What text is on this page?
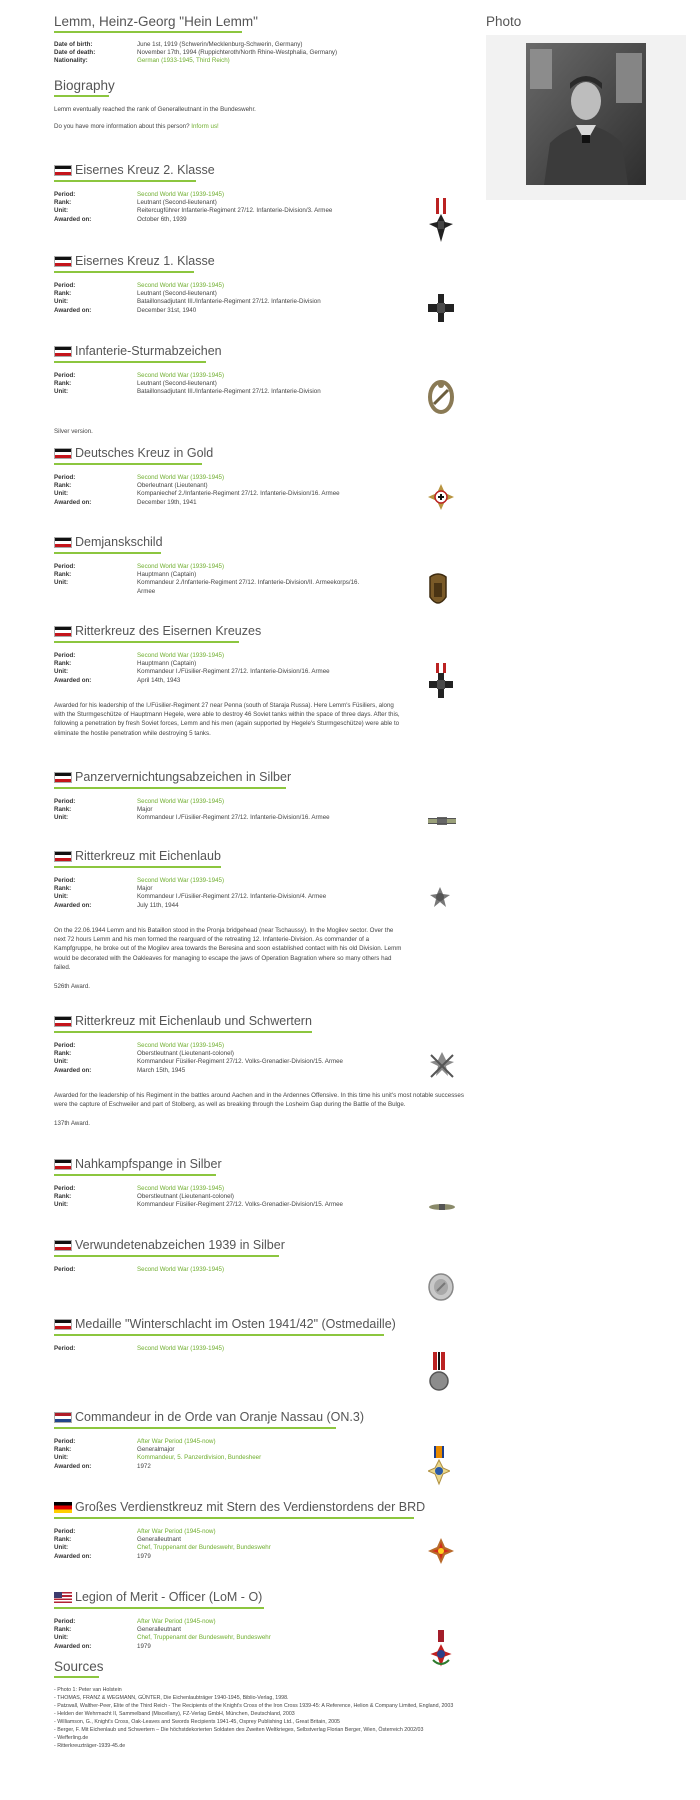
Lemm, Heinz-Georg "Hein Lemm"
Date of birth:	June 1st, 1919 (Schwerin/Mecklenburg-Schwerin, Germany)
Date of death:	November 17th, 1994 (Ruppichteroth/North Rhine-Westphalia, Germany)
Nationality:	German (1933-1945, Third Reich)
Biography

Lemm eventually reached the rank of Generalleutnant in the Bundeswehr.

Do you have more information about this person? Inform us!

Eisernes Kreuz 2. Klasse
Period:	Second World War (1939-1945)
Rank:	Leutnant (Second-lieutenant)
Unit:	Reitercugführer Infanterie-Regiment 27/12. Infanterie-Division/3. Armee
Awarded on:	October 6th, 1939
Eisernes Kreuz 1. Klasse
Period:	Second World War (1939-1945)
Rank:	Leutnant (Second-lieutenant)
Unit:	Bataillonsadjutant III./Infanterie-Regiment 27/12. Infanterie-Division
Awarded on:	December 31st, 1940
Infanterie-Sturmabzeichen
Period:	Second World War (1939-1945)
Rank:	Leutnant (Second-lieutenant)
Unit:	Bataillonsadjutant III./Infanterie-Regiment 27/12. Infanterie-Division

Silver version.

Deutsches Kreuz in Gold
Period:	Second World War (1939-1945)
Rank:	Oberleutnant (Lieutenant)
Unit:	Kompaniechef 2./Infanterie-Regiment 27/12. Infanterie-Division/16. Armee
Awarded on:	December 19th, 1941
Demjanskschild
Period:	Second World War (1939-1945)
Rank:	Hauptmann (Captain)
Unit:	Kommandeur 2./Infanterie-Regiment 27/12. Infanterie-Division/II. Armeekorps/16. Armee
Ritterkreuz des Eisernen Kreuzes
Period:	Second World War (1939-1945)
Rank:	Hauptmann (Captain)
Unit:	Kommandeur I./Füsilier-Regiment 27/12. Infanterie-Division/16. Armee
Awarded on:	April 14th, 1943

Awarded for his leadership of the I./Füsilier-Regiment 27 near Penna (south of Staraja Russa). Here Lemm's Füsiliers, along with the Sturmgeschütze of Hauptmann Hegele, were able to destroy 46 Soviet tanks within the space of three days. After this, following a penetration by fresh Soviet forces, Lemm and his men (again supported by Hegele's Sturmgeschütze) were able to eliminate the hostile penetration while destroying 5 tanks.

Panzervernichtungsabzeichen in Silber
Period:	Second World War (1939-1945)
Rank:	Major
Unit:	Kommandeur I./Füsilier-Regiment 27/12. Infanterie-Division/16. Armee
Ritterkreuz mit Eichenlaub
Period:	Second World War (1939-1945)
Rank:	Major
Unit:	Kommandeur I./Füsilier-Regiment 27/12. Infanterie-Division/4. Armee
Awarded on:	July 11th, 1944

On the 22.06.1944 Lemm and his Bataillon stood in the Pronja bridgehead (near Tschaussy). In the Mogilev sector. Over the next 72 hours Lemm and his men formed the rearguard of the retreating 12. Infanterie-Division. As commander of a Kampfgruppe, he broke out of the Mogilev area towards the Beresina and soon established contact with his old Division. Lemm would be decorated with the Oakleaves for managing to escape the jaws of Operation Bagration where so many others had failed.

526th Award.

Ritterkreuz mit Eichenlaub und Schwertern
Period:	Second World War (1939-1945)
Rank:	Oberstleutnant (Lieutenant-colonel)
Unit:	Kommandeur Füsilier-Regiment 27/12. Volks-Grenadier-Division/15. Armee
Awarded on:	March 15th, 1945

Awarded for the leadership of his Regiment in the battles around Aachen and in the Ardennes Offensive. In this time his unit's most notable successes were the capture of Eschweiler and part of Stolberg, as well as breaking through the Losheim Gap during the Battle of the Bulge.

137th Award.

Nahkampfspange in Silber
Period:	Second World War (1939-1945)
Rank:	Oberstleutnant (Lieutenant-colonel)
Unit:	Kommandeur Füsilier-Regiment 27/12. Volks-Grenadier-Division/15. Armee
Verwundetenabzeichen 1939 in Silber
Period:	Second World War (1939-1945)
Medaille "Winterschlacht im Osten 1941/42" (Ostmedaille)
Period:	Second World War (1939-1945)
Commandeur in de Orde van Oranje Nassau (ON.3)
Period:	After War Period (1945-now)
Rank:	Generalmajor
Unit:	Kommandeur, 5. Panzerdivision, Bundesheer
Awarded on:	1972
Großes Verdienstkreuz mit Stern des Verdienstordens der BRD
Period:	After War Period (1945-now)
Rank:	Generalleutnant
Unit:	Chef, Truppenamt der Bundeswehr, Bundeswehr
Awarded on:	1979
Legion of Merit - Officer (LoM - O)
Period:	After War Period (1945-now)
Rank:	Generalleutnant
Unit:	Chef, Truppenamt der Bundeswehr, Bundeswehr
Awarded on:	1979
Photo
Sources
- Photo 1: Peter van Holstein
- THOMAS, FRANZ & WEGMANN, GÜNTER, Die Eichenlaubträger 1940-1945, Biblio-Verlag, 1998.
- Patzwall, Walther-Peer, Elite of the Third Reich - The Recipients of the Knight's Cross of the Iron Cross 1939-45: A Reference, Helion & Company Limited, England, 2003
- Helden der Wehrmacht II, Sammelband (Miscellany), FZ-Verlag GmbH, München, Deutschland, 2003
- Williamson, G., Knight's Cross, Oak-Leaves and Swords Recipients 1941-45, Osprey Publishing Ltd., Great Britain, 2005
- Berger, F. Mit Eichenlaub und Schwertern – Die höchstdekorierten Soldaten des Zweiten Weltkrieges, Selbstverlag Florian Berger, Wien, Österreich 2002/03
- Wefferling.de
- Ritterkreuzträger-1939-45.de
